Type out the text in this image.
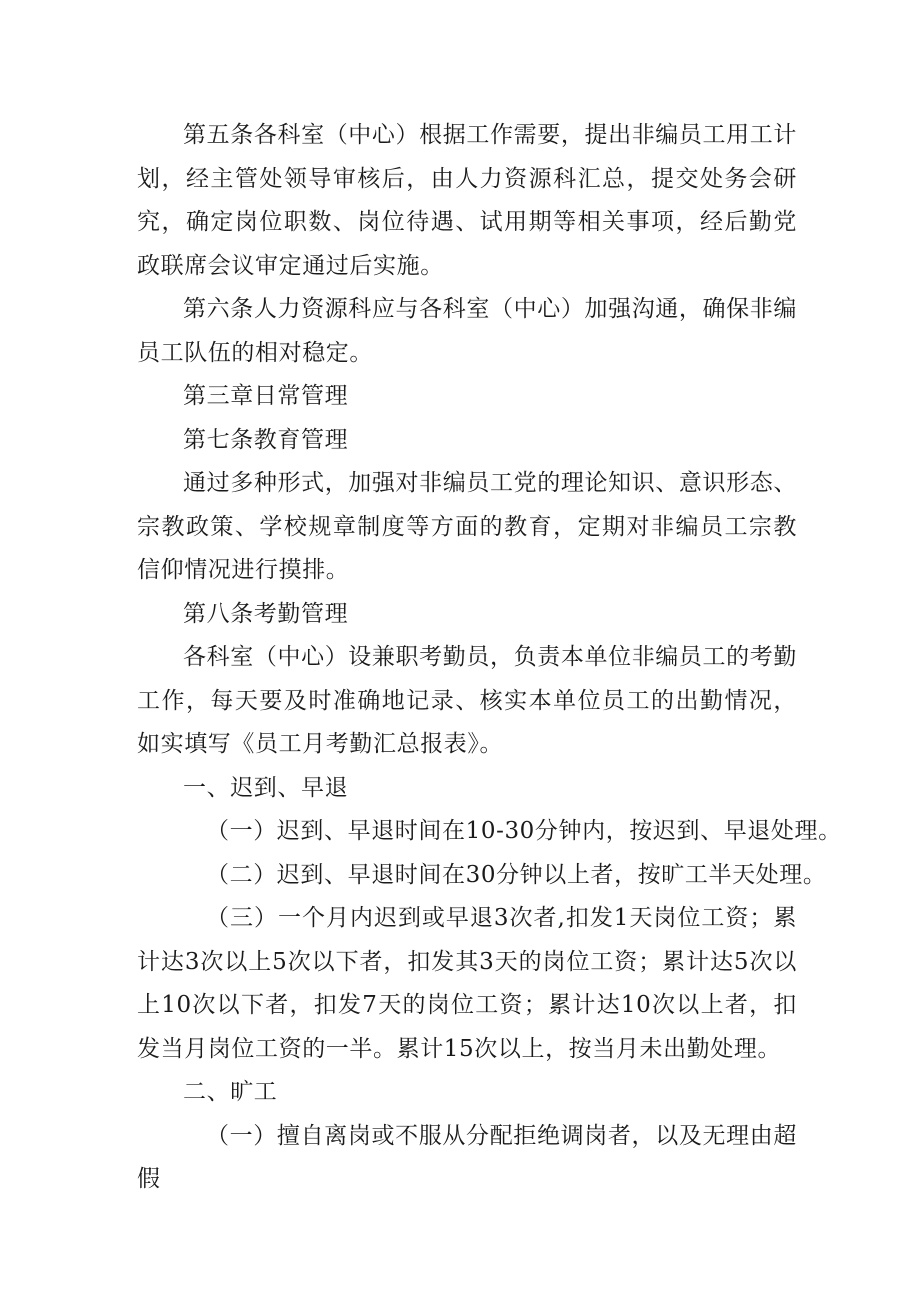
第五条各科室（中心）根据工作需要，提出非编员工用工计划，经主管处领导审核后，由人力资源科汇总，提交处务会研究，确定岗位职数、岗位待遇、试用期等相关事项，经后勤党政联席会议审定通过后实施。

第六条人力资源科应与各科室（中心）加强沟通，确保非编员工队伍的相对稳定。

第三章日常管理

第七条教育管理

通过多种形式，加强对非编员工党的理论知识、意识形态、宗教政策、学校规章制度等方面的教育，定期对非编员工宗教信仰情况进行摸排。

第八条考勤管理

各科室（中心）设兼职考勤员，负责本单位非编员工的考勤工作，每天要及时准确地记录、核实本单位员工的出勤情况，如实填写《员工月考勤汇总报表》。

一、迟到、早退

（一）迟到、早退时间在10-30分钟内，按迟到、早退处理。

（二）迟到、早退时间在30分钟以上者，按旷工半天处理。

（三）一个月内迟到或早退3次者,扣发1天岗位工资；累计达3次以上5次以下者，扣发其3天的岗位工资；累计达5次以上10次以下者，扣发7天的岗位工资；累计达10次以上者，扣发当月岗位工资的一半。累计15次以上，按当月未出勤处理。

二、旷工

（一）擅自离岗或不服从分配拒绝调岗者，以及无理由超假
